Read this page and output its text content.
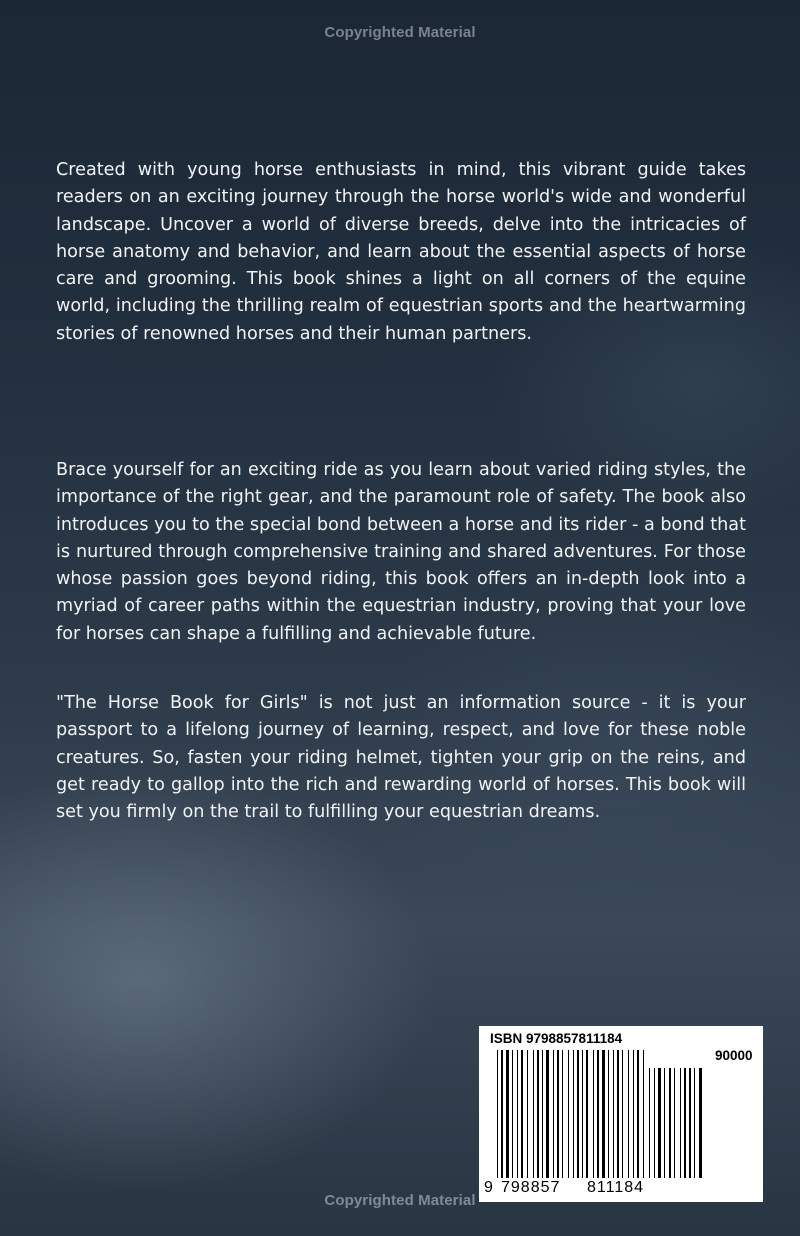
Copyrighted Material
Created with young horse enthusiasts in mind, this vibrant guide takes readers on an exciting journey through the horse world's wide and wonderful landscape. Uncover a world of diverse breeds, delve into the intricacies of horse anatomy and behavior, and learn about the essential aspects of horse care and grooming. This book shines a light on all corners of the equine world, including the thrilling realm of equestrian sports and the heartwarming stories of renowned horses and their human partners.
Brace yourself for an exciting ride as you learn about varied riding styles, the importance of the right gear, and the paramount role of safety. The book also introduces you to the special bond between a horse and its rider - a bond that is nurtured through comprehensive training and shared adventures. For those whose passion goes beyond riding, this book offers an in-depth look into a myriad of career paths within the equestrian industry, proving that your love for horses can shape a fulfilling and achievable future.
"The Horse Book for Girls" is not just an information source - it is your passport to a lifelong journey of learning, respect, and love for these noble creatures. So, fasten your riding helmet, tighten your grip on the reins, and get ready to gallop into the rich and rewarding world of horses. This book will set you firmly on the trail to fulfilling your equestrian dreams.
ISBN 9798857811184
90000
9 798857 811184
Copyrighted Material
